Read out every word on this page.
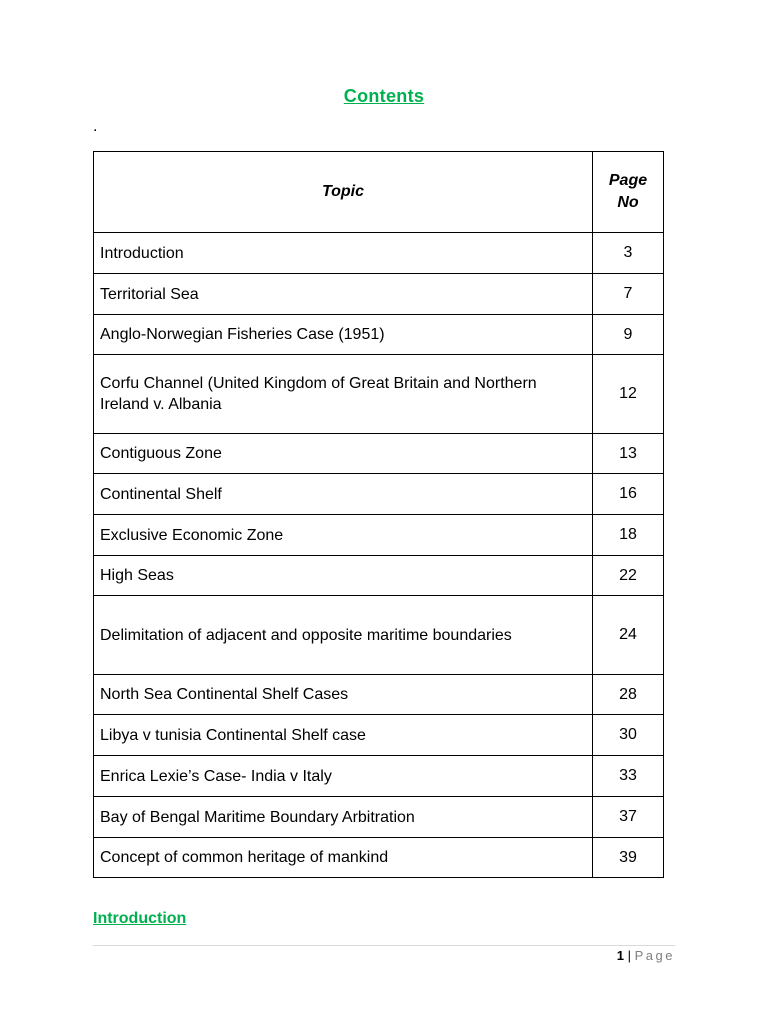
Contents
.
Topic	Page No
Introduction	3
Territorial Sea	7
Anglo-Norwegian Fisheries Case (1951)	9
Corfu Channel (United Kingdom of Great Britain and Northern Ireland v. Albania	12
Contiguous Zone	13
Continental Shelf	16
Exclusive Economic Zone	18
High Seas	22
Delimitation of adjacent and opposite maritime boundaries	24
North Sea Continental Shelf Cases	28
Libya v tunisia Continental Shelf case	30
Enrica Lexie’s Case- India v Italy	33
Bay of Bengal Maritime Boundary Arbitration	37
Concept of common heritage of mankind	39
Introduction
1 | Page
